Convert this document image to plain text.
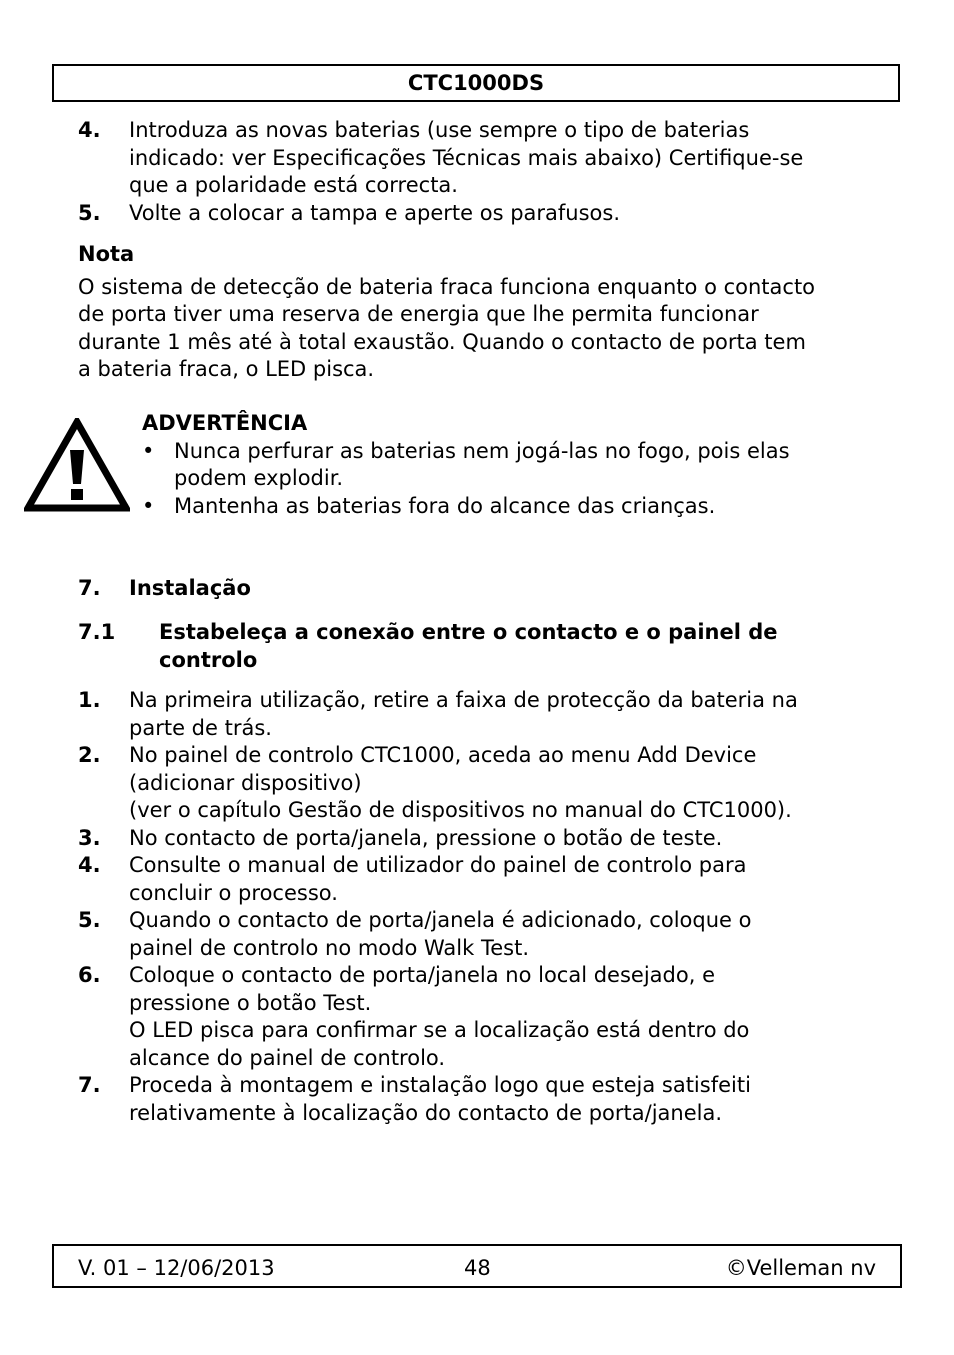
CTC1000DS
4. Introduza as novas baterias (use sempre o tipo de baterias
indicado: ver Especificações Técnicas mais abaixo) Certifique-se
que a polaridade está correcta.
5. Volte a colocar a tampa e aperte os parafusos.
Nota
O sistema de detecção de bateria fraca funciona enquanto o contacto
de porta tiver uma reserva de energia que lhe permita funcionar
durante 1 mês até à total exaustão. Quando o contacto de porta tem
a bateria fraca, o LED pisca.
ADVERTÊNCIA
• Nunca perfurar as baterias nem jogá-las no fogo, pois elas
podem explodir.
• Mantenha as baterias fora do alcance das crianças.
7. Instalação
7.1	Estabeleça a conexão entre o contacto e o painel de
controlo
1. Na primeira utilização, retire a faixa de protecção da bateria na
parte de trás.
2. No painel de controlo CTC1000, aceda ao menu Add Device
(adicionar dispositivo)
(ver o capítulo Gestão de dispositivos no manual do CTC1000).
3. No contacto de porta/janela, pressione o botão de teste.
4. Consulte o manual de utilizador do painel de controlo para
concluir o processo.
5. Quando o contacto de porta/janela é adicionado, coloque o
painel de controlo no modo Walk Test.
6. Coloque o contacto de porta/janela no local desejado, e
pressione o botão Test.
O LED pisca para confirmar se a localização está dentro do
alcance do painel de controlo.
7. Proceda à montagem e instalação logo que esteja satisfeiti
relativamente à localização do contacto de porta/janela.
V. 01 – 12/06/2013	48	©Velleman nv
